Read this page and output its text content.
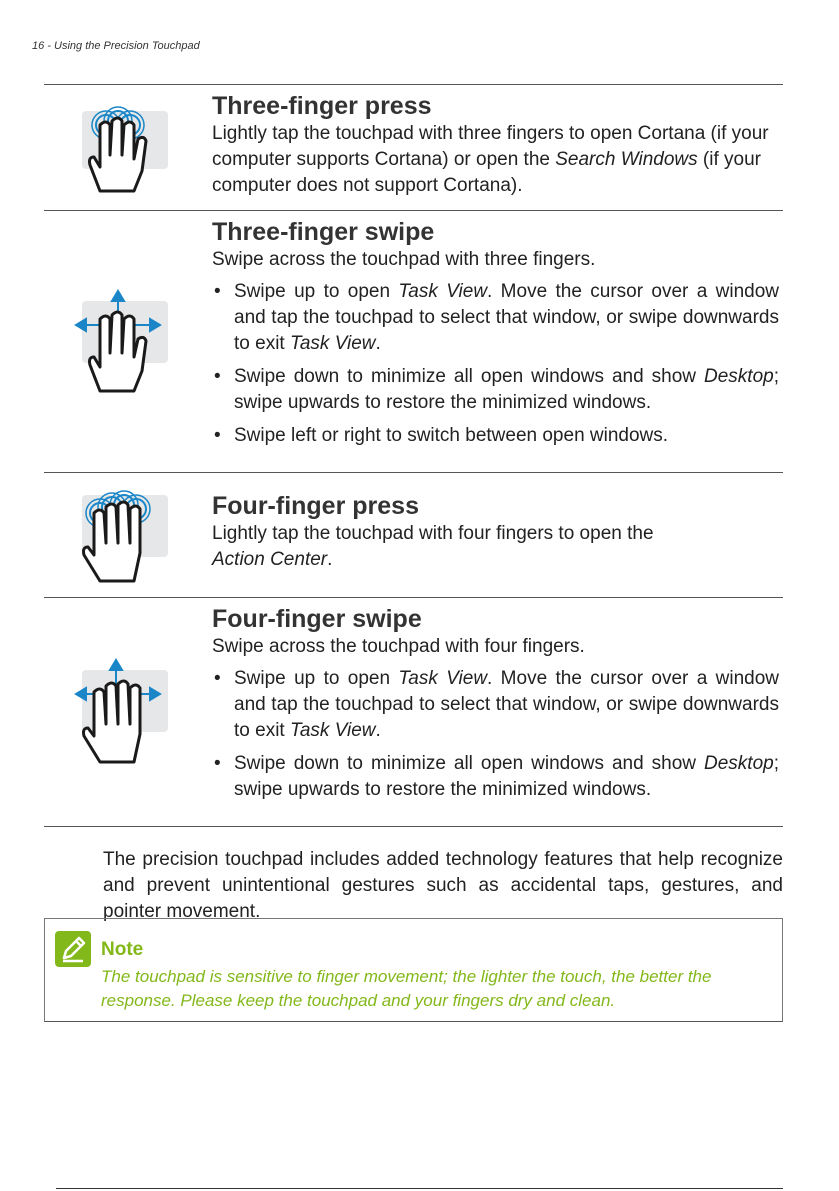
16 - Using the Precision Touchpad

Three-finger press

Lightly tap the touchpad with three fingers to open Cortana (if your computer supports Cortana) or open the Search Windows (if your computer does not support Cortana).

Three-finger swipe

Swipe across the touchpad with three fingers.

• Swipe up to open Task View. Move the cursor over a window and tap the touchpad to select that window, or swipe downwards to exit Task View.
• Swipe down to minimize all open windows and show Desktop; swipe upwards to restore the minimized windows.
• Swipe left or right to switch between open windows.

Four-finger press

Lightly tap the touchpad with four fingers to open the
Action Center.

Four-finger swipe

Swipe across the touchpad with four fingers.

• Swipe up to open Task View. Move the cursor over a window and tap the touchpad to select that window, or swipe downwards to exit Task View.
• Swipe down to minimize all open windows and show Desktop; swipe upwards to restore the minimized windows.

The precision touchpad includes added technology features that help recognize and prevent unintentional gestures such as accidental taps, gestures, and pointer movement.

Note
The touchpad is sensitive to finger movement; the lighter the touch, the better the response. Please keep the touchpad and your fingers dry and clean.
